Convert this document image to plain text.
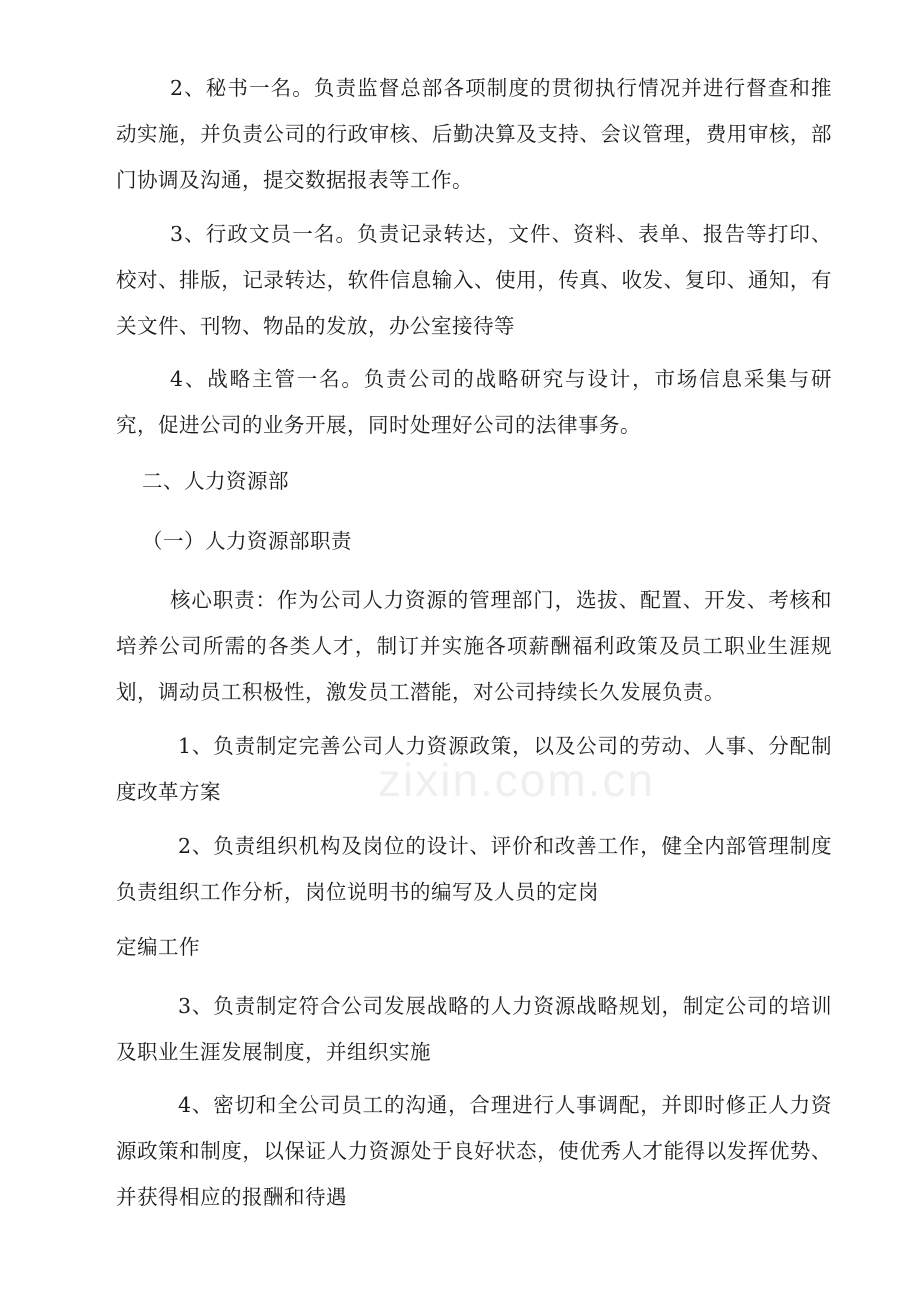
2、秘书一名。负责监督总部各项制度的贯彻执行情况并进行督查和推动实施，并负责公司的行政审核、后勤决算及支持、会议管理，费用审核，部门协调及沟通，提交数据报表等工作。

3、行政文员一名。负责记录转达，文件、资料、表单、报告等打印、校对、排版，记录转达，软件信息输入、使用，传真、收发、复印、通知，有关文件、刊物、物品的发放，办公室接待等

4、战略主管一名。负责公司的战略研究与设计，市场信息采集与研究，促进公司的业务开展，同时处理好公司的法律事务。

二、人力资源部

（一）人力资源部职责

核心职责：作为公司人力资源的管理部门，选拔、配置、开发、考核和培养公司所需的各类人才，制订并实施各项薪酬福利政策及员工职业生涯规划，调动员工积极性，激发员工潜能，对公司持续长久发展负责。

1、负责制定完善公司人力资源政策，以及公司的劳动、人事、分配制度改革方案

2、负责组织机构及岗位的设计、评价和改善工作，健全内部管理制度负责组织工作分析，岗位说明书的编写及人员的定岗

定编工作

3、负责制定符合公司发展战略的人力资源战略规划，制定公司的培训及职业生涯发展制度，并组织实施

4、密切和全公司员工的沟通，合理进行人事调配，并即时修正人力资源政策和制度，以保证人力资源处于良好状态，使优秀人才能得以发挥优势、并获得相应的报酬和待遇

zixin.com.cn
